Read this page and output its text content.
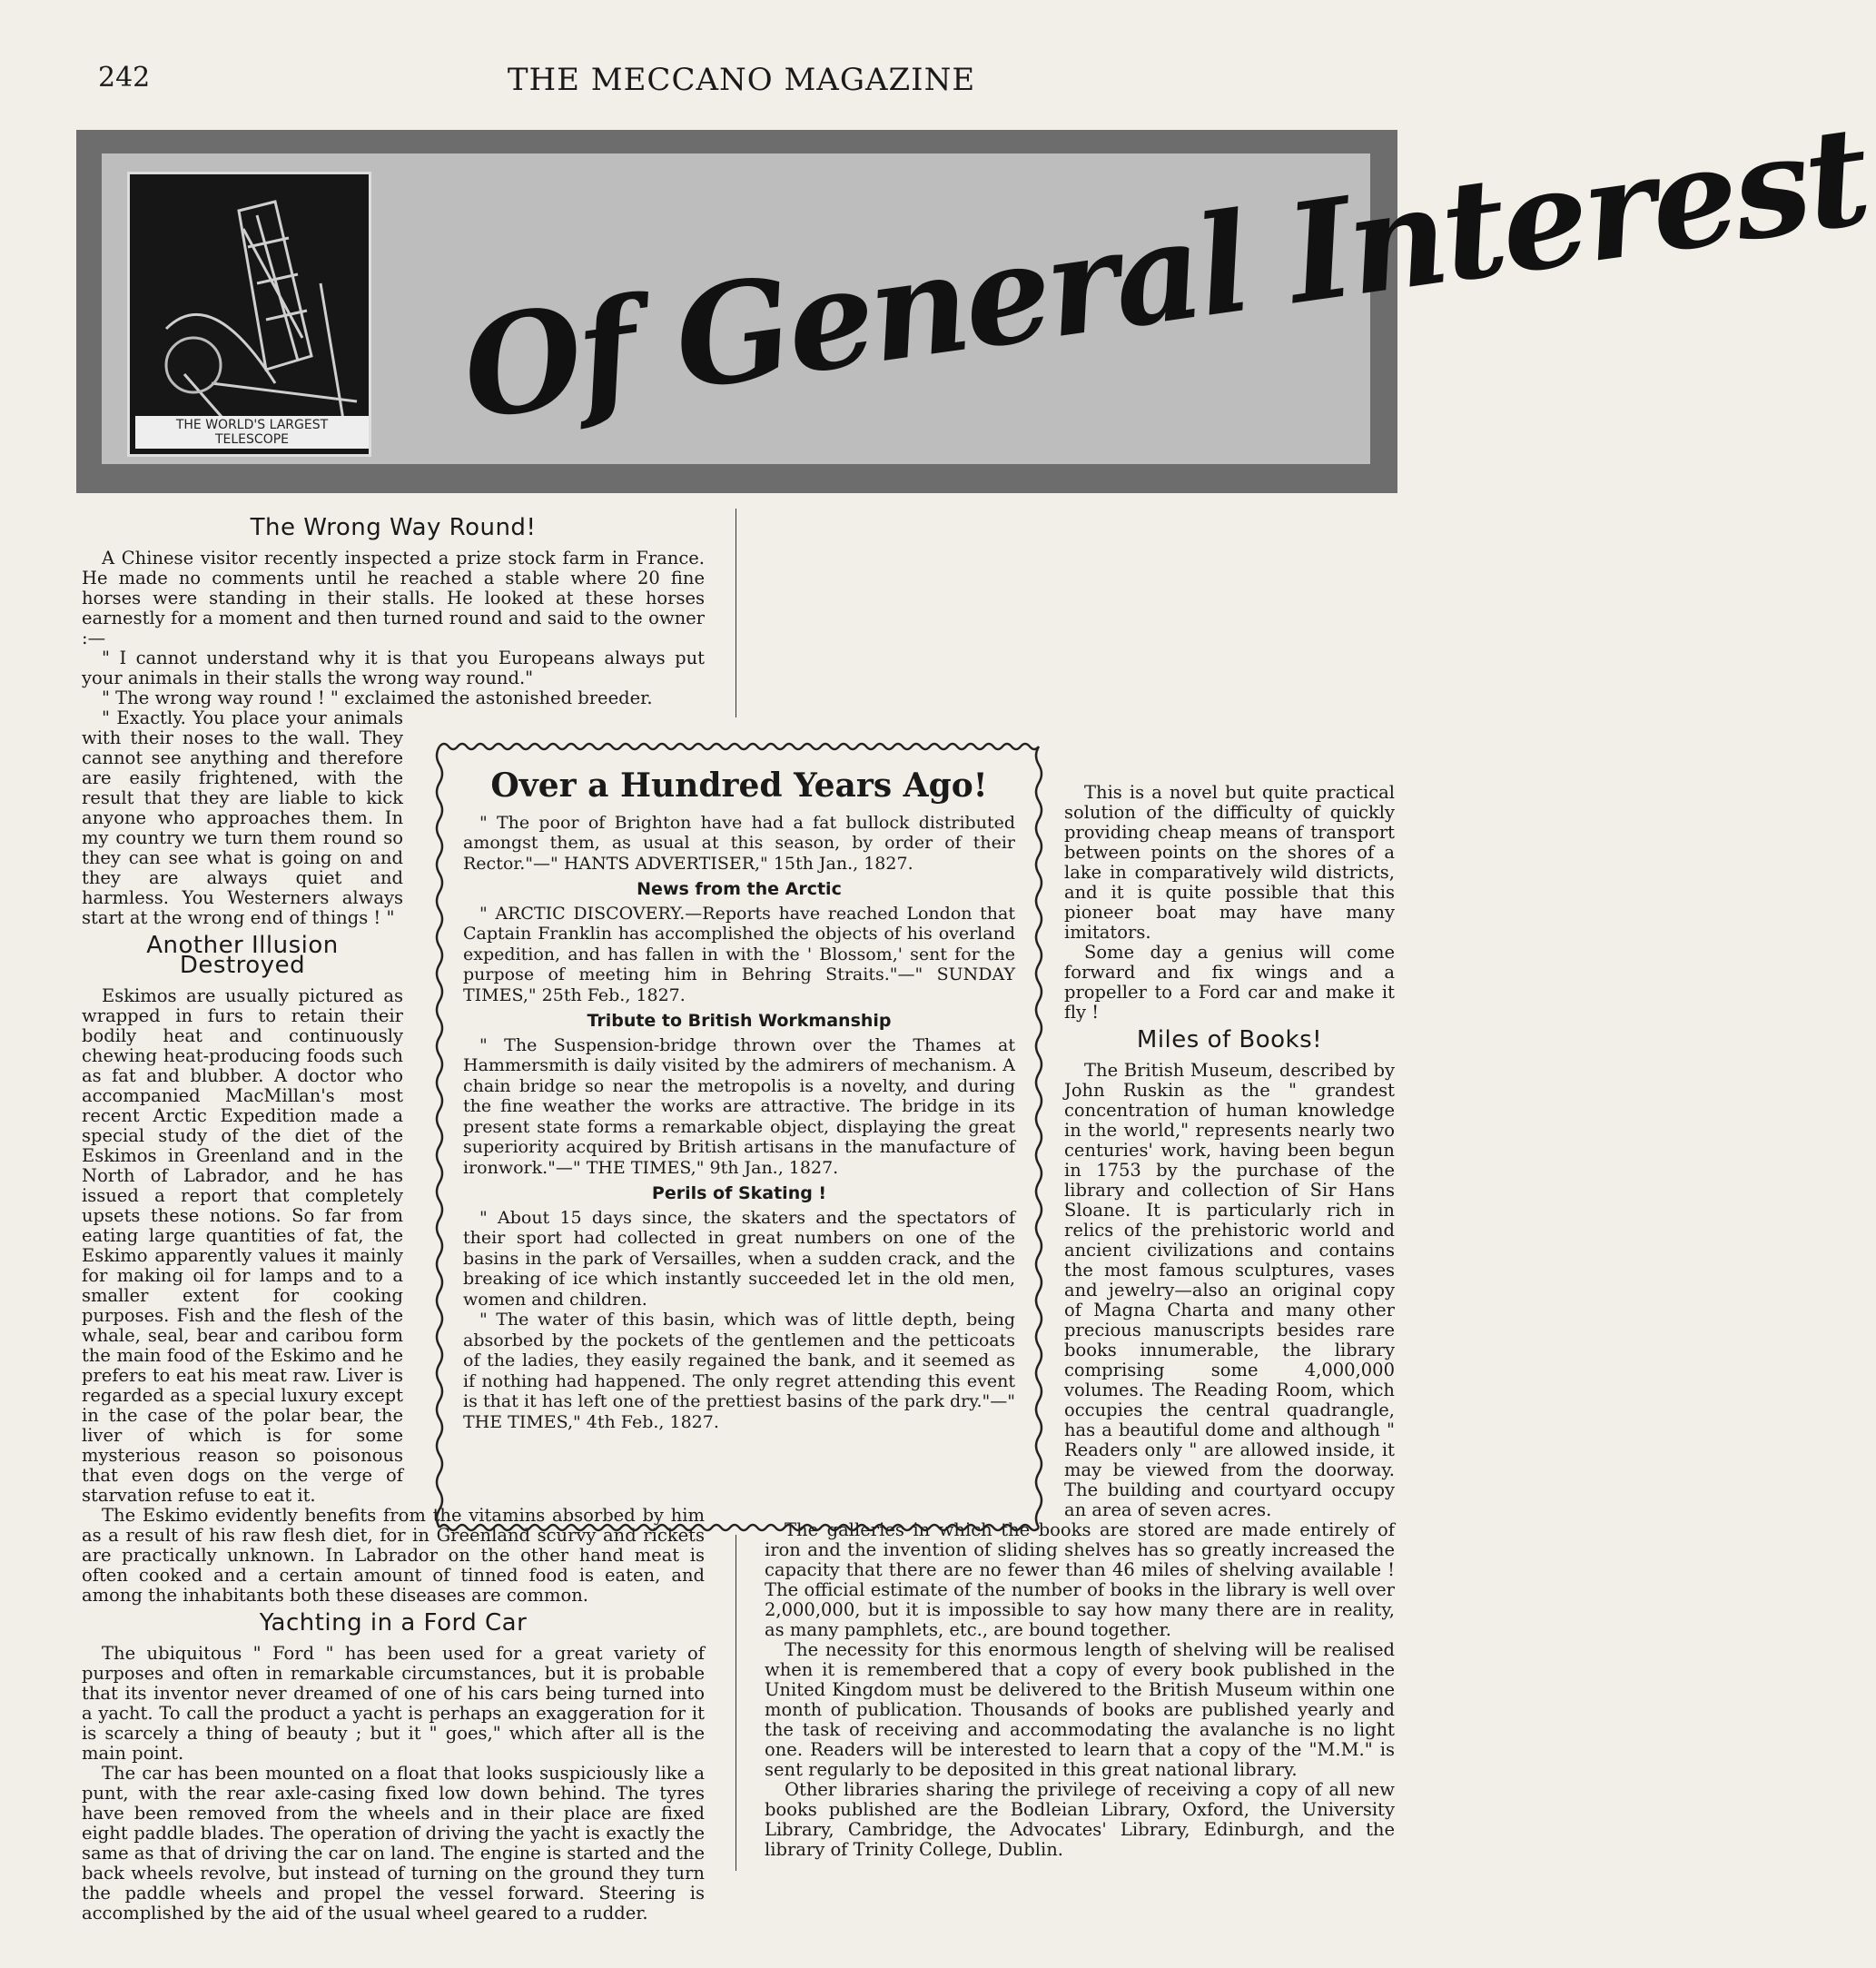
242	THE MECCANO MAGAZINE
THE WORLD'S LARGEST TELESCOPE	Of General Interest
The Wrong Way Round!

A Chinese visitor recently inspected a prize stock farm in France. He made no comments until he reached a stable where 20 fine horses were standing in their stalls. He looked at these horses earnestly for a moment and then turned round and said to the owner :—

" I cannot understand why it is that you Europeans always put your animals in their stalls the wrong way round."

" The wrong way round ! " exclaimed the astonished breeder.

" Exactly. You place your animals with their noses to the wall. They cannot see anything and therefore are easily frightened, with the result that they are liable to kick anyone who approaches them. In my country we turn them round so they can see what is going on and they are always quiet and harmless. You Westerners always start at the wrong end of things ! "

Another Illusion Destroyed

Eskimos are usually pictured as wrapped in furs to retain their bodily heat and continuously chewing heat-producing foods such as fat and blubber. A doctor who accompanied MacMillan's most recent Arctic Expedition made a special study of the diet of the Eskimos in Greenland and in the North of Labrador, and he has issued a report that completely upsets these notions. So far from eating large quantities of fat, the Eskimo apparently values it mainly for making oil for lamps and to a smaller extent for cooking purposes. Fish and the flesh of the whale, seal, bear and caribou form the main food of the Eskimo and he prefers to eat his meat raw. Liver is regarded as a special luxury except in the case of the polar bear, the liver of which is for some mysterious reason so poisonous that even dogs on the verge of starvation refuse to eat it.

The Eskimo evidently benefits from the vitamins absorbed by him as a result of his raw flesh diet, for in Greenland scurvy and rickets are practically unknown. In Labrador on the other hand meat is often cooked and a certain amount of tinned food is eaten, and among the inhabitants both these diseases are common.

Yachting in a Ford Car

The ubiquitous " Ford " has been used for a great variety of purposes and often in remarkable circumstances, but it is probable that its inventor never dreamed of one of his cars being turned into a yacht. To call the product a yacht is perhaps an exaggeration for it is scarcely a thing of beauty ; but it " goes," which after all is the main point.

The car has been mounted on a float that looks suspiciously like a punt, with the rear axle-casing fixed low down behind. The tyres have been removed from the wheels and in their place are fixed eight paddle blades. The operation of driving the yacht is exactly the same as that of driving the car on land. The engine is started and the back wheels revolve, but instead of turning on the ground they turn the paddle wheels and propel the vessel forward. Steering is accomplished by the aid of the usual wheel geared to a rudder.

This is a novel but quite practical solution of the difficulty of quickly providing cheap means of transport between points on the shores of a lake in comparatively wild districts, and it is quite possible that this pioneer boat may have many imitators.

Some day a genius will come forward and fix wings and a propeller to a Ford car and make it fly !

Miles of Books!

The British Museum, described by John Ruskin as the " grandest concentration of human knowledge in the world," represents nearly two centuries' work, having been begun in 1753 by the purchase of the library and collection of Sir Hans Sloane. It is particularly rich in relics of the prehistoric world and ancient civilizations and contains the most famous sculptures, vases and jewelry—also an original copy of Magna Charta and many other precious manuscripts besides rare books innumerable, the library comprising some 4,000,000 volumes. The Reading Room, which occupies the central quadrangle, has a beautiful dome and although " Readers only " are allowed inside, it may be viewed from the doorway. The building and courtyard occupy an area of seven acres.

The galleries in which the books are stored are made entirely of iron and the invention of sliding shelves has so greatly increased the capacity that there are no fewer than 46 miles of shelving available ! The official estimate of the number of books in the library is well over 2,000,000, but it is impossible to say how many there are in reality, as many pamphlets, etc., are bound together.

The necessity for this enormous length of shelving will be realised when it is remembered that a copy of every book published in the United Kingdom must be delivered to the British Museum within one month of publication. Thousands of books are published yearly and the task of receiving and accommodating the avalanche is no light one. Readers will be interested to learn that a copy of the "M.M." is sent regularly to be deposited in this great national library.

Other libraries sharing the privilege of receiving a copy of all new books published are the Bodleian Library, Oxford, the University Library, Cambridge, the Advocates' Library, Edinburgh, and the library of Trinity College, Dublin.

Over a Hundred Years Ago!

" The poor of Brighton have had a fat bullock distributed amongst them, as usual at this season, by order of their Rector."—" HANTS ADVERTISER," 15th Jan., 1827.

News from the Arctic

" ARCTIC DISCOVERY.—Reports have reached London that Captain Franklin has accomplished the objects of his overland expedition, and has fallen in with the ' Blossom,' sent for the purpose of meeting him in Behring Straits."—" SUNDAY TIMES," 25th Feb., 1827.

Tribute to British Workmanship

" The Suspension-bridge thrown over the Thames at Hammersmith is daily visited by the admirers of mechanism. A chain bridge so near the metropolis is a novelty, and during the fine weather the works are attractive. The bridge in its present state forms a remarkable object, displaying the great superiority acquired by British artisans in the manufacture of ironwork."—" THE TIMES," 9th Jan., 1827.

Perils of Skating !

" About 15 days since, the skaters and the spectators of their sport had collected in great numbers on one of the basins in the park of Versailles, when a sudden crack, and the breaking of ice which instantly succeeded let in the old men, women and children.

" The water of this basin, which was of little depth, being absorbed by the pockets of the gentlemen and the petticoats of the ladies, they easily regained the bank, and it seemed as if nothing had happened. The only regret attending this event is that it has left one of the prettiest basins of the park dry."—" THE TIMES," 4th Feb., 1827.
